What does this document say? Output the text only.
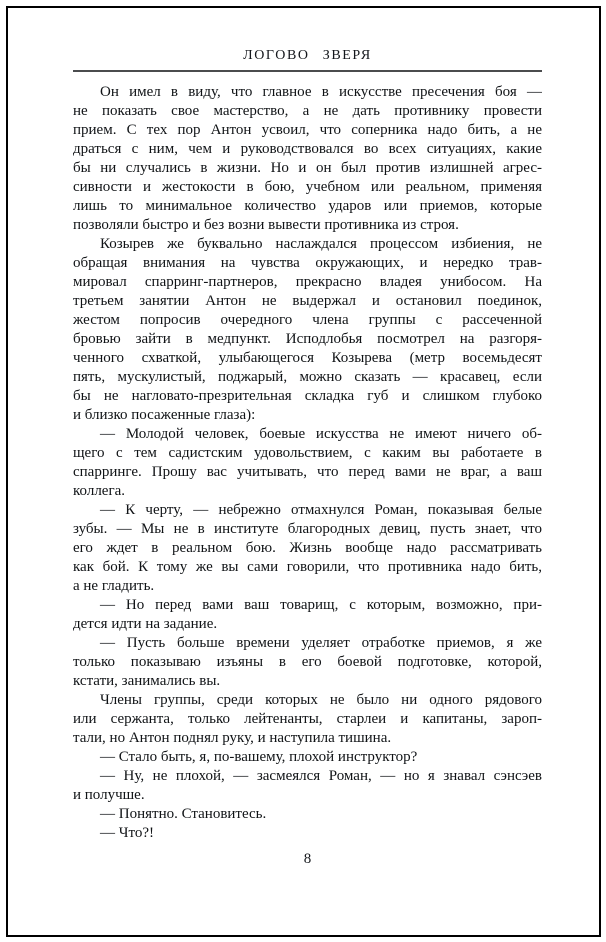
ЛОГОВО ЗВЕРЯ

Он имел в виду, что главное в искусстве пресечения боя —
не показать свое мастерство, а не дать противнику провести
прием. С тех пор Антон усвоил, что соперника надо бить, а не
драться с ним, чем и руководствовался во всех ситуациях, какие
бы ни случались в жизни. Но и он был против излишней агрес-
сивности и жестокости в бою, учебном или реальном, применяя
лишь то минимальное количество ударов или приемов, которые
позволяли быстро и без возни вывести противника из строя.

Козырев же буквально наслаждался процессом избиения, не
обращая внимания на чувства окружающих, и нередко трав-
мировал спарринг-партнеров, прекрасно владея унибосом. На
третьем занятии Антон не выдержал и остановил поединок,
жестом попросив очередного члена группы с рассеченной
бровью зайти в медпункт. Исподлобья посмотрел на разгоря-
ченного схваткой, улыбающегося Козырева (метр восемьдесят
пять, мускулистый, поджарый, можно сказать — красавец, если
бы не нагловато-презрительная складка губ и слишком глубоко
и близко посаженные глаза):

— Молодой человек, боевые искусства не имеют ничего об-
щего с тем садистским удовольствием, с каким вы работаете в
спарринге. Прошу вас учитывать, что перед вами не враг, а ваш
коллега.

— К черту, — небрежно отмахнулся Роман, показывая белые
зубы. — Мы не в институте благородных девиц, пусть знает, что
его ждет в реальном бою. Жизнь вообще надо рассматривать
как бой. К тому же вы сами говорили, что противника надо бить,
а не гладить.

— Но перед вами ваш товарищ, с которым, возможно, при-
дется идти на задание.

— Пусть больше времени уделяет отработке приемов, я же
только показываю изъяны в его боевой подготовке, которой,
кстати, занимались вы.

Члены группы, среди которых не было ни одного рядового
или сержанта, только лейтенанты, старлеи и капитаны, зароп-
тали, но Антон поднял руку, и наступила тишина.

— Стало быть, я, по-вашему, плохой инструктор?

— Ну, не плохой, — засмеялся Роман, — но я знавал сэнсэев
и получше.

— Понятно. Становитесь.

— Что?!

8
